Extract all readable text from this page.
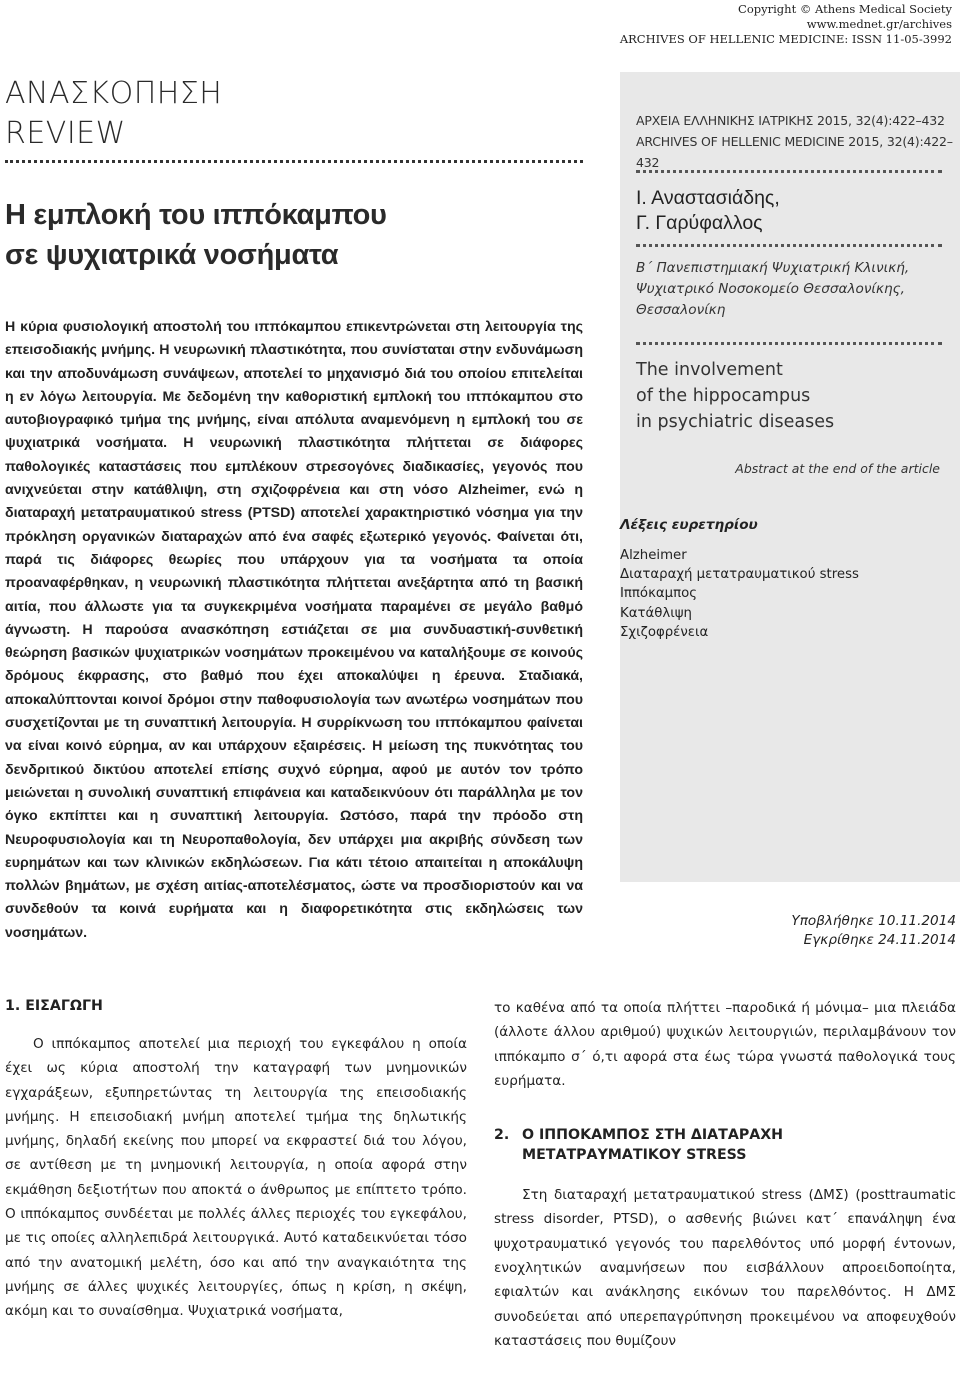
Copyright © Athens Medical Society
www.mednet.gr/archives
ARCHIVES OF HELLENIC MEDICINE: ISSN 11-05-3992
ΑΝΑΣΚΟΠΗΣΗ
REVIEW
Η εμπλοκή του ιππόκαμπου
σε ψυχιατρικά νοσήματα
Η κύρια φυσιολογική αποστολή του ιππόκαμπου επικεντρώνεται στη λειτουργία της επεισοδιακής μνήμης. Η νευρωνική πλαστικότητα, που συνίσταται στην ενδυνάμωση και την αποδυνάμωση συνάψεων, αποτελεί το μηχανισμό διά του οποίου επιτελείται η εν λόγω λειτουργία. Με δεδομένη την καθοριστική εμπλοκή του ιππόκαμπου στο αυτοβιογραφικό τμήμα της μνήμης, είναι απόλυτα αναμενόμενη η εμπλοκή του σε ψυχιατρικά νοσήματα. Η νευρωνική πλαστικότητα πλήττεται σε διάφορες παθολογικές καταστάσεις που εμπλέκουν στρεσογόνες διαδικασίες, γεγονός που ανιχνεύεται στην κατάθλιψη, στη σχιζοφρένεια και στη νόσο Alzheimer, ενώ η διαταραχή μετατραυματικού stress (PTSD) αποτελεί χαρακτηριστικό νόσημα για την πρόκληση οργανικών διαταραχών από ένα σαφές εξωτερικό γεγονός. Φαίνεται ότι, παρά τις διάφορες θεωρίες που υπάρχουν για τα νοσήματα τα οποία προαναφέρθηκαν, η νευρωνική πλαστικότητα πλήττεται ανεξάρτητα από τη βασική αιτία, που άλλωστε για τα συγκεκριμένα νοσήματα παραμένει σε μεγάλο βαθμό άγνωστη. Η παρούσα ανασκόπηση εστιάζεται σε μια συνδυαστική-συνθετική θεώρηση βασικών ψυχιατρικών νοσημάτων προκειμένου να καταλήξουμε σε κοινούς δρόμους έκφρασης, στο βαθμό που έχει αποκαλύψει η έρευνα. Σταδιακά, αποκαλύπτονται κοινοί δρόμοι στην παθοφυσιολογία των ανωτέρω νοσημάτων που συσχετίζονται με τη συναπτική λειτουργία. Η συρρίκνωση του ιππόκαμπου φαίνεται να είναι κοινό εύρημα, αν και υπάρχουν εξαιρέσεις. Η μείωση της πυκνότητας του δενδριτικού δικτύου αποτελεί επίσης συχνό εύρημα, αφού με αυτόν τον τρόπο μειώνεται η συνολική συναπτική επιφάνεια και καταδεικνύουν ότι παράλληλα με τον όγκο εκπίπτει και η συναπτική λειτουργία. Ωστόσο, παρά την πρόοδο στη Νευροφυσιολογία και τη Νευροπαθολογία, δεν υπάρχει μια ακριβής σύνδεση των ευρημάτων και των κλινικών εκδηλώσεων. Για κάτι τέτοιο απαιτείται η αποκάλυψη πολλών βημάτων, με σχέση αιτίας-αποτελέσματος, ώστε να προσδιοριστούν και να συνδεθούν τα κοινά ευρήματα και η διαφορετικότητα στις εκδηλώσεις των νοσημάτων.
ΑΡΧΕΙΑ ΕΛΛΗΝΙΚΗΣ ΙΑΤΡΙΚΗΣ 2015, 32(4):422–432
ARCHIVES OF HELLENIC MEDICINE 2015, 32(4):422–432
Ι. Αναστασιάδης,
Γ. Γαρύφαλλος
Β΄ Πανεπιστημιακή Ψυχιατρική Κλινική,
Ψυχιατρικό Νοσοκομείο Θεσσαλονίκης,
Θεσσαλονίκη
The involvement
of the hippocampus
in psychiatric diseases
Abstract at the end of the article
Λέξεις ευρετηρίου
Alzheimer
Διαταραχή μετατραυματικού stress
Ιππόκαμπος
Κατάθλιψη
Σχιζοφρένεια
Υποβλήθηκε 10.11.2014
Εγκρίθηκε 24.11.2014
1. ΕΙΣΑΓΩΓΗ

Ο ιππόκαμπος αποτελεί μια περιοχή του εγκεφάλου η οποία έχει ως κύρια αποστολή την καταγραφή των μνημονικών εγχαράξεων, εξυπηρετώντας τη λειτουργία της επεισοδιακής μνήμης. Η επεισοδιακή μνήμη αποτελεί τμήμα της δηλωτικής μνήμης, δηλαδή εκείνης που μπορεί να εκφραστεί διά του λόγου, σε αντίθεση με τη μνημονική λειτουργία, η οποία αφορά στην εκμάθηση δεξιοτήτων που αποκτά ο άνθρωπος με επίπτετο τρόπο. Ο ιππόκαμπος συνδέεται με πολλές άλλες περιοχές του εγκεφάλου, με τις οποίες αλληλεπιδρά λειτουργικά. Αυτό καταδεικνύεται τόσο από την ανατομική μελέτη, όσο και από την αναγκαιότητα της μνήμης σε άλλες ψυχικές λειτουργίες, όπως η κρίση, η σκέψη, ακόμη και το συναίσθημα. Ψυχιατρικά νοσήματα,

το καθένα από τα οποία πλήττει –παροδικά ή μόνιμα– μια πλειάδα (άλλοτε άλλου αριθμού) ψυχικών λειτουργιών, περιλαμβάνουν τον ιππόκαμπο σ΄ ό,τι αφορά στα έως τώρα γνωστά παθολογικά τους ευρήματα.

2. Ο ΙΠΠΟΚΑΜΠΟΣ ΣΤΗ ΔΙΑΤΑΡΑΧΗ
ΜΕΤΑΤΡΑΥΜΑΤΙΚΟΥ STRESS

Στη διαταραχή μετατραυματικού stress (ΔΜΣ) (posttraumatic stress disorder, PTSD), ο ασθενής βιώνει κατ΄ επανάληψη ένα ψυχοτραυματικό γεγονός του παρελθόντος υπό μορφή έντονων, ενοχλητικών αναμνήσεων που εισβάλλουν απροειδοποίητα, εφιαλτών και ανάκλησης εικόνων του παρελθόντος. Η ΔΜΣ συνοδεύεται από υπερεπαγρύπνηση προκειμένου να αποφευχθούν καταστάσεις που θυμίζουν
